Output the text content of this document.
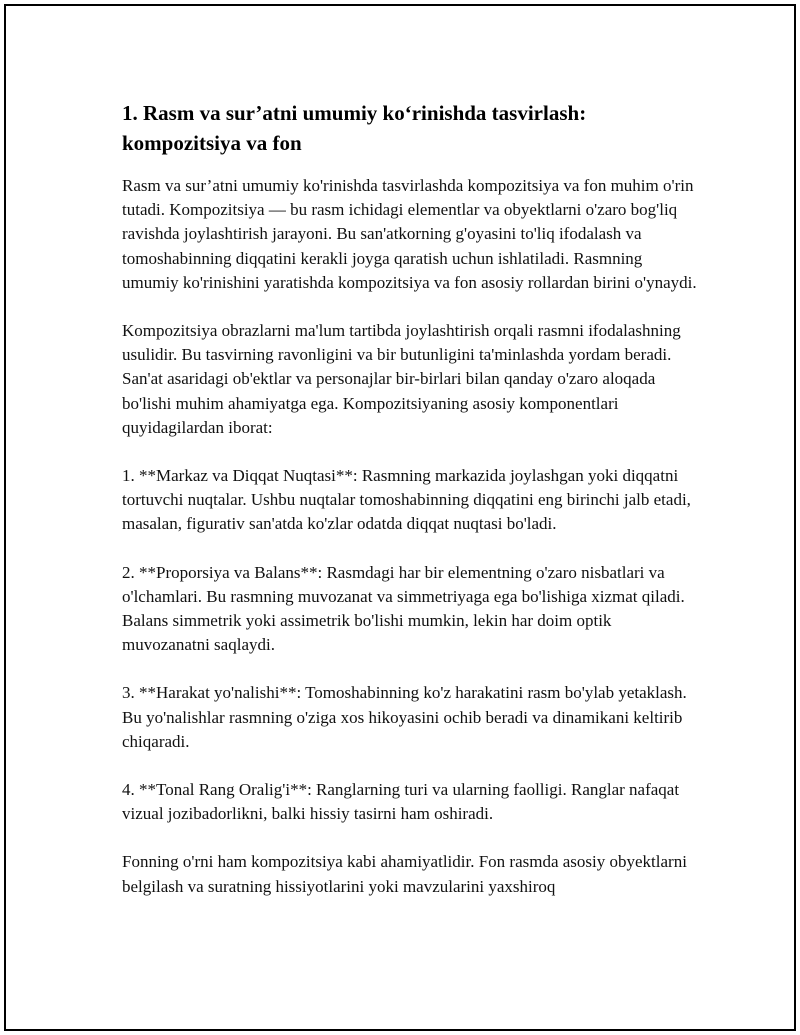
1. Rasm va sur’atni umumiy ko‘rinishda tasvirlash: kompozitsiya va fon

Rasm va sur’atni umumiy ko'rinishda tasvirlashda kompozitsiya va fon muhim o'rin tutadi. Kompozitsiya — bu rasm ichidagi elementlar va obyektlarni o'zaro bog'liq ravishda joylashtirish jarayoni. Bu san'atkorning g'oyasini to'liq ifodalash va tomoshabinning diqqatini kerakli joyga qaratish uchun ishlatiladi. Rasmning umumiy ko'rinishini yaratishda kompozitsiya va fon asosiy rollardan birini o'ynaydi.

Kompozitsiya obrazlarni ma'lum tartibda joylashtirish orqali rasmni ifodalashning usulidir. Bu tasvirning ravonligini va bir butunligini ta'minlashda yordam beradi. San'at asaridagi ob'ektlar va personajlar bir-birlari bilan qanday o'zaro aloqada bo'lishi muhim ahamiyatga ega. Kompozitsiyaning asosiy komponentlari quyidagilardan iborat:

1. **Markaz va Diqqat Nuqtasi**: Rasmning markazida joylashgan yoki diqqatni tortuvchi nuqtalar. Ushbu nuqtalar tomoshabinning diqqatini eng birinchi jalb etadi, masalan, figurativ san'atda ko'zlar odatda diqqat nuqtasi bo'ladi.

2. **Proporsiya va Balans**: Rasmdagi har bir elementning o'zaro nisbatlari va o'lchamlari. Bu rasmning muvozanat va simmetriyaga ega bo'lishiga xizmat qiladi. Balans simmetrik yoki assimetrik bo'lishi mumkin, lekin har doim optik muvozanatni saqlaydi.

3. **Harakat yo'nalishi**: Tomoshabinning ko'z harakatini rasm bo'ylab yetaklash. Bu yo'nalishlar rasmning o'ziga xos hikoyasini ochib beradi va dinamikani keltirib chiqaradi.

4. **Tonal Rang Oralig'i**: Ranglarning turi va ularning faolligi. Ranglar nafaqat vizual jozibadorlikni, balki hissiy tasirni ham oshiradi.

Fonning o'rni ham kompozitsiya kabi ahamiyatlidir. Fon rasmda asosiy obyektlarni belgilash va suratning hissiyotlarini yoki mavzularini yaxshiroq
